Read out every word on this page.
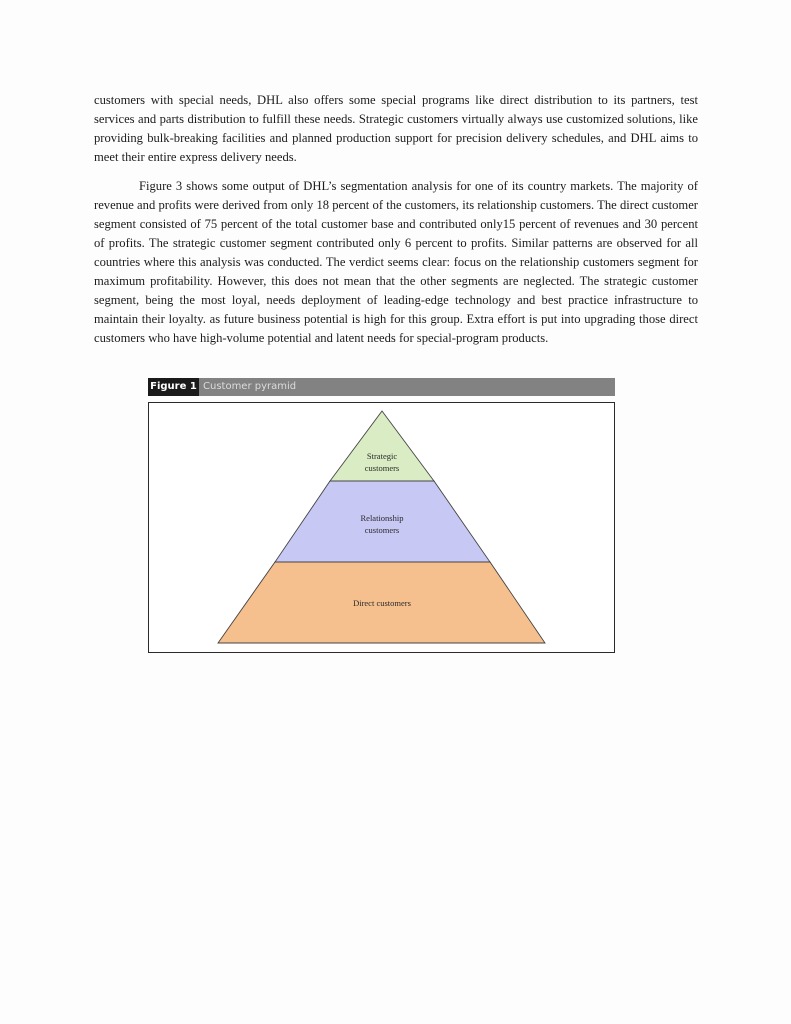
customers with special needs, DHL also offers some special programs like direct distribution to its partners, test services and parts distribution to fulfill these needs. Strategic customers virtually always use customized solutions, like providing bulk-breaking facilities and planned production support for precision delivery schedules, and DHL aims to meet their entire express delivery needs.

Figure 3 shows some output of DHL’s segmentation analysis for one of its country markets. The majority of revenue and profits were derived from only 18 percent of the customers, its relationship customers. The direct customer segment consisted of 75 percent of the total customer base and contributed only15 percent of revenues and 30 percent of profits. The strategic customer segment contributed only 6 percent to profits. Similar patterns are observed for all countries where this analysis was conducted. The verdict seems clear: focus on the relationship customers segment for maximum profitability. However, this does not mean that the other segments are neglected. The strategic customer segment, being the most loyal, needs deployment of leading-edge technology and best practice infrastructure to maintain their loyalty. as future business potential is high for this group. Extra effort is put into upgrading those direct customers who have high-volume potential and latent needs for special-program products.

Figure 1 Customer pyramid
Strategic
customers
Relationship
customers
Direct customers
